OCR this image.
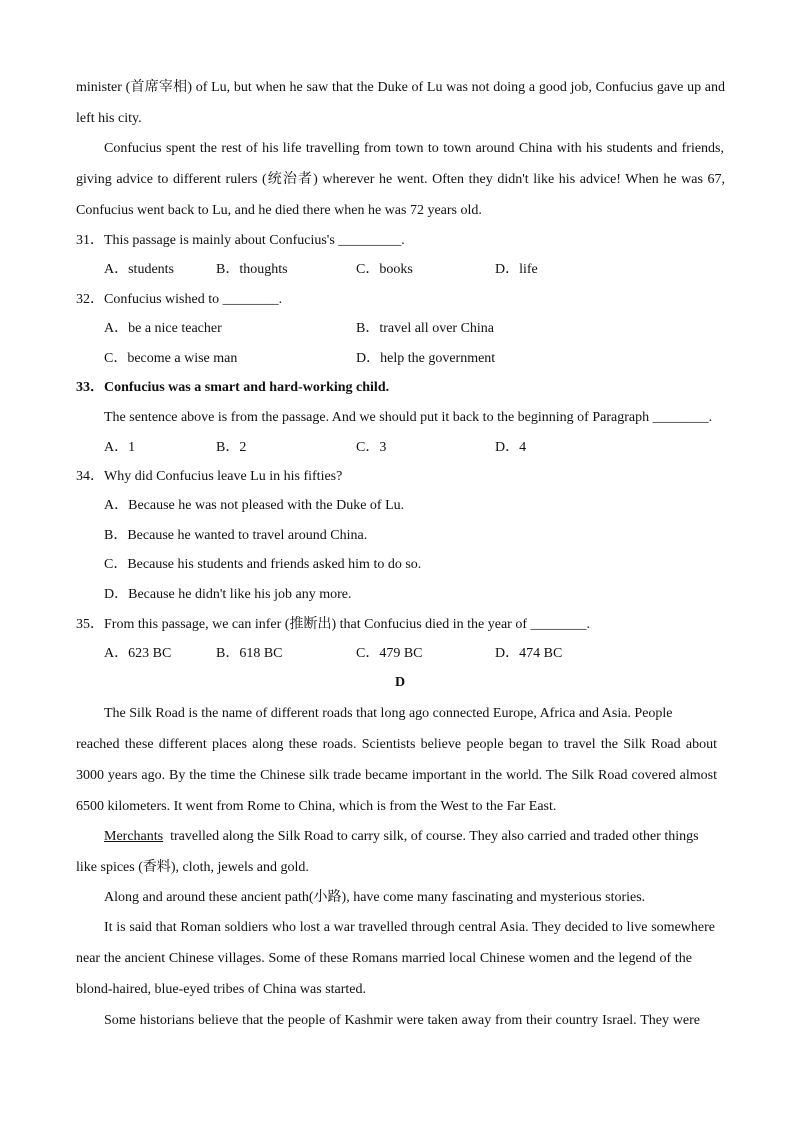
minister (首席宰相) of Lu, but when he saw that the Duke of Lu was not doing a good job, Confucius gave up and
left his city.
Confucius spent the rest of his life travelling from town to town around China with his students and friends,
giving advice to different rulers (统治者) wherever he went. Often they didn't like his advice! When he was 67,
Confucius went back to Lu, and he died there when he was 72 years old.
31．This passage is mainly about Confucius's _________.
A．students	B．thoughts	C．books	D．life
32．Confucius wished to ________.
A．be a nice teacher	B．travel all over China
C．become a wise man	D．help the government
33．Confucius was a smart and hard-working child.
The sentence above is from the passage. And we should put it back to the beginning of Paragraph ________.
A．1	B．2	C．3	D．4
34．Why did Confucius leave Lu in his fifties?
A．Because he was not pleased with the Duke of Lu.
B．Because he wanted to travel around China.
C．Because his students and friends asked him to do so.
D．Because he didn't like his job any more.
35．From this passage, we can infer (推断出) that Confucius died in the year of ________.
A．623 BC	B．618 BC	C．479 BC	D．474 BC
D
The Silk Road is the name of different roads that long ago connected Europe, Africa and Asia. People
reached these different places along these roads. Scientists believe people began to travel the Silk Road about
3000 years ago. By the time the Chinese silk trade became important in the world. The Silk Road covered almost
6500 kilometers. It went from Rome to China, which is from the West to the Far East.
Merchants  travelled along the Silk Road to carry silk, of course. They also carried and traded other things
like spices (香料), cloth, jewels and gold.
Along and around these ancient path(小路), have come many fascinating and mysterious stories.
It is said that Roman soldiers who lost a war travelled through central Asia. They decided to live somewhere
near the ancient Chinese villages. Some of these Romans married local Chinese women and the legend of the
blond-haired, blue-eyed tribes of China was started.
Some historians believe that the people of Kashmir were taken away from their country Israel. They were
